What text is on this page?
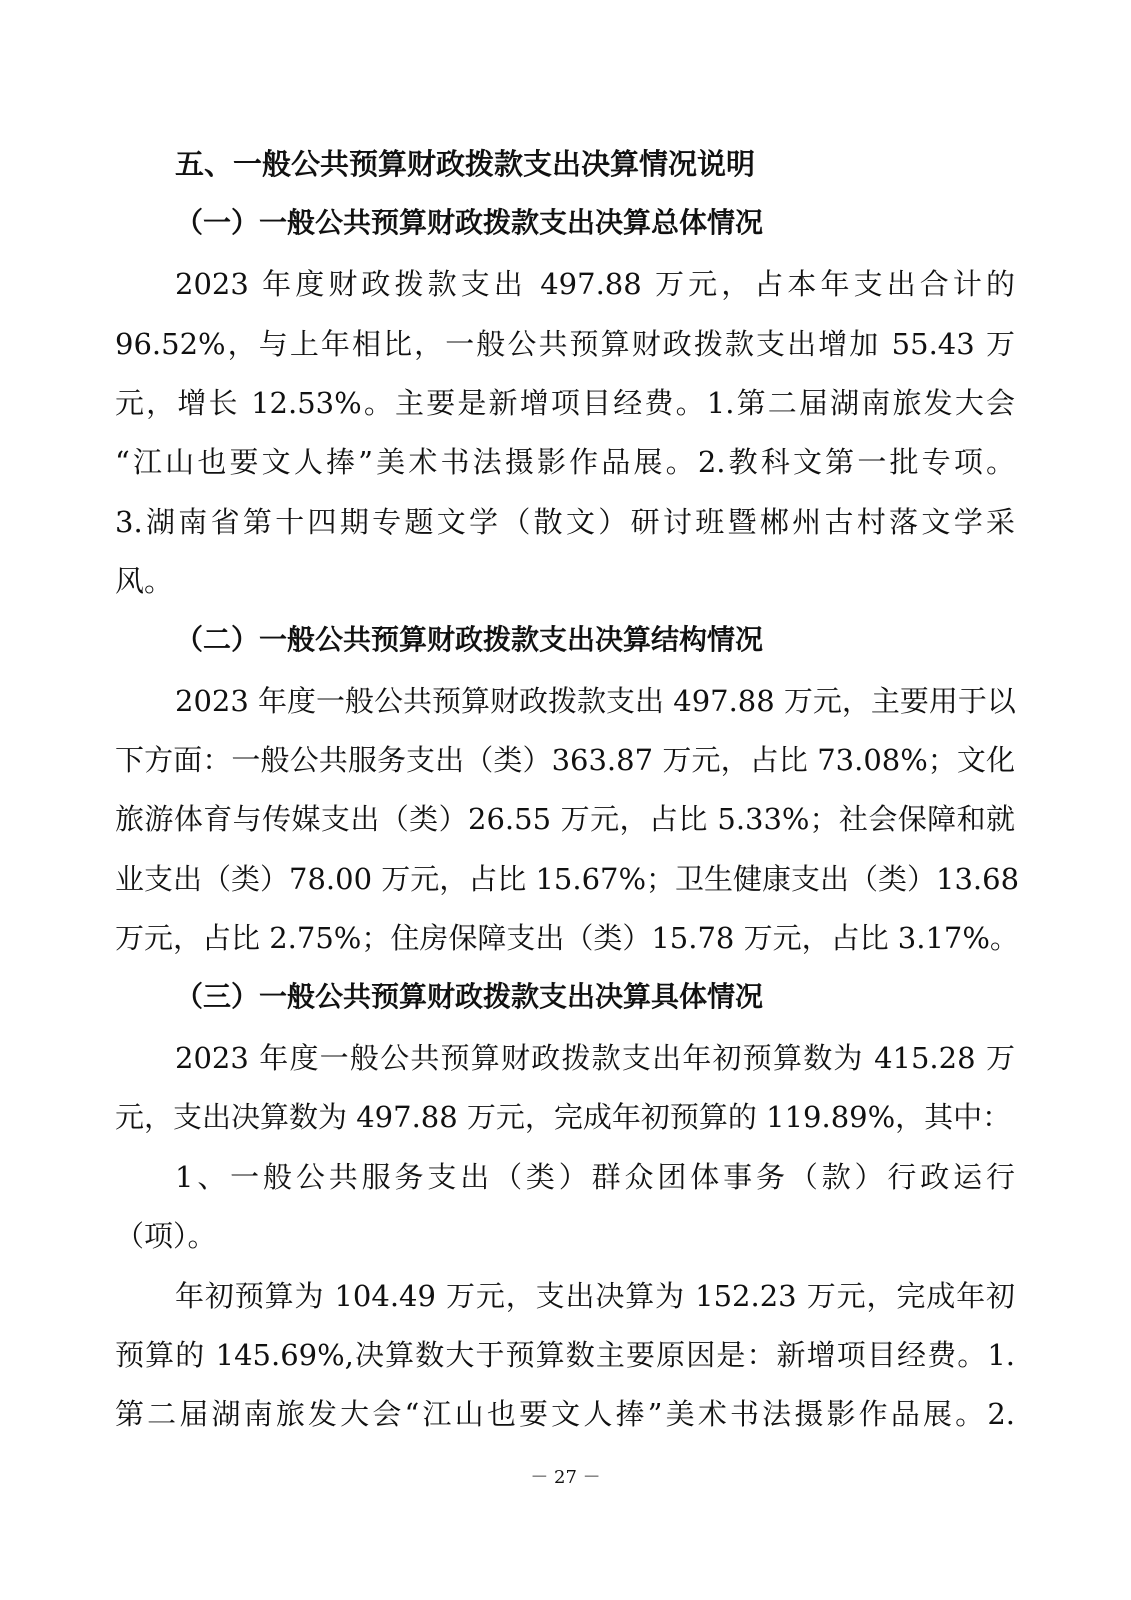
五、一般公共预算财政拨款支出决算情况说明
（一）一般公共预算财政拨款支出决算总体情况
2023 年度财政拨款支出 497.88 万元，占本年支出合计的
96.52%，与上年相比，一般公共预算财政拨款支出增加 55.43 万
元，增长 12.53%。主要是新增项目经费。1.第二届湖南旅发大会
“江山也要文人捧”美术书法摄影作品展。2.教科文第一批专项。
3.湖南省第十四期专题文学（散文）研讨班暨郴州古村落文学采
风。
（二）一般公共预算财政拨款支出决算结构情况
2023 年度一般公共预算财政拨款支出 497.88 万元，主要用于以
下方面：一般公共服务支出（类）363.87 万元，占比 73.08%；文化
旅游体育与传媒支出（类）26.55 万元，占比 5.33%；社会保障和就
业支出（类）78.00 万元，占比 15.67%；卫生健康支出（类）13.68
万元，占比 2.75%；住房保障支出（类）15.78 万元，占比 3.17%。
（三）一般公共预算财政拨款支出决算具体情况
2023 年度一般公共预算财政拨款支出年初预算数为 415.28 万
元，支出决算数为 497.88 万元，完成年初预算的 119.89%，其中：
1、一般公共服务支出（类）群众团体事务（款）行政运行
（项）。
年初预算为 104.49 万元，支出决算为 152.23 万元，完成年初
预算的 145.69%,决算数大于预算数主要原因是：新增项目经费。1.
第二届湖南旅发大会“江山也要文人捧”美术书法摄影作品展。2.
－ 27 －
